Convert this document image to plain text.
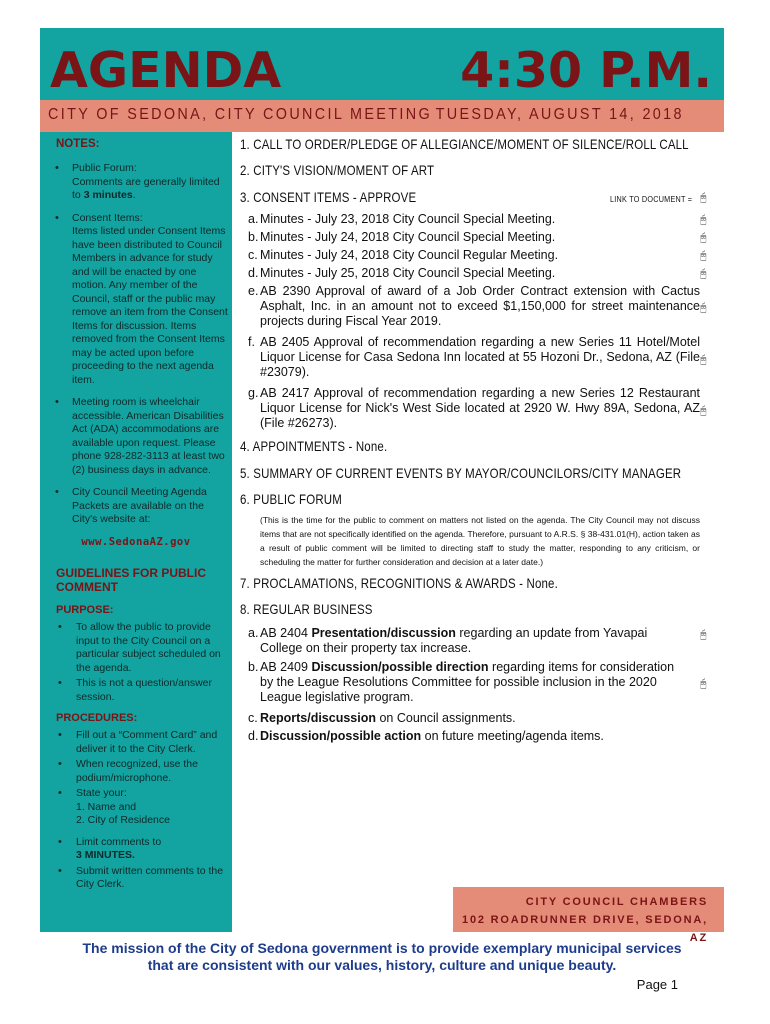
AGENDA	4:30 P.M.
CITY OF SEDONA, CITY COUNCIL MEETING TUESDAY, AUGUST 14, 2018
NOTES:
• Public Forum:
Comments are generally limited to 3 minutes.
• Consent Items:
Items listed under Consent Items have been distributed to Council Members in advance for study and will be enacted by one motion. Any member of the Council, staff or the public may remove an item from the Consent Items for discussion. Items removed from the Consent Items may be acted upon before proceeding to the next agenda item.
• Meeting room is wheelchair accessible. American Disabilities Act (ADA) accommodations are available upon request. Please phone 928-282-3113 at least two (2) business days in advance.
• City Council Meeting Agenda Packets are available on the City's website at:
www.SedonaAZ.gov
GUIDELINES FOR PUBLIC COMMENT
PURPOSE:
• To allow the public to provide input to the City Council on a particular subject scheduled on the agenda.
• This is not a question/answer session.
PROCEDURES:
• Fill out a “Comment Card” and deliver it to the City Clerk.
• When recognized, use the podium/microphone.
• State your:
1. Name and
2. City of Residence
• Limit comments to
3 MINUTES.
• Submit written comments to the City Clerk.
1. CALL TO ORDER/PLEDGE OF ALLEGIANCE/MOMENT OF SILENCE/ROLL CALL
2. CITY'S VISION/MOMENT OF ART
3. CONSENT ITEMS - APPROVE	LINK TO DOCUMENT = 🖰
a. Minutes - July 23, 2018 City Council Special Meeting.	🖰
b. Minutes - July 24, 2018 City Council Special Meeting.	🖰
c. Minutes - July 24, 2018 City Council Regular Meeting.	🖰
d. Minutes - July 25, 2018 City Council Special Meeting.	🖰
e. AB 2390 Approval of award of a Job Order Contract extension with Cactus Asphalt, Inc. in an amount not to exceed $1,150,000 for street maintenance projects during Fiscal Year 2019.
🖰
f. AB 2405 Approval of recommendation regarding a new Series 11 Hotel/Motel Liquor License for Casa Sedona Inn located at 55 Hozoni Dr., Sedona, AZ (File #23079).
🖰
g. AB 2417 Approval of recommendation regarding a new Series 12 Restaurant Liquor License for Nick's West Side located at 2920 W. Hwy 89A, Sedona, AZ (File #26273).
🖰
4. APPOINTMENTS - None.
5. SUMMARY OF CURRENT EVENTS BY MAYOR/COUNCILORS/CITY MANAGER
6. PUBLIC FORUM
(This is the time for the public to comment on matters not listed on the agenda. The City Council may not discuss items that are not specifically identified on the agenda. Therefore, pursuant to A.R.S. § 38-431.01(H), action taken as a result of public comment will be limited to directing staff to study the matter, responding to any criticism, or scheduling the matter for further consideration and decision at a later date.)
7. PROCLAMATIONS, RECOGNITIONS & AWARDS - None.
8. REGULAR BUSINESS
a. AB 2404 Presentation/discussion regarding an update from Yavapai College on their property tax increase.
🖰
b. AB 2409 Discussion/possible direction regarding items for consideration by the League Resolutions Committee for possible inclusion in the 2020 League legislative program.
🖰
c. Reports/discussion on Council assignments.
d. Discussion/possible action on future meeting/agenda items.
CITY COUNCIL CHAMBERS
102 ROADRUNNER DRIVE, SEDONA, AZ
The mission of the City of Sedona government is to provide exemplary municipal services
that are consistent with our values, history, culture and unique beauty.
Page 1
